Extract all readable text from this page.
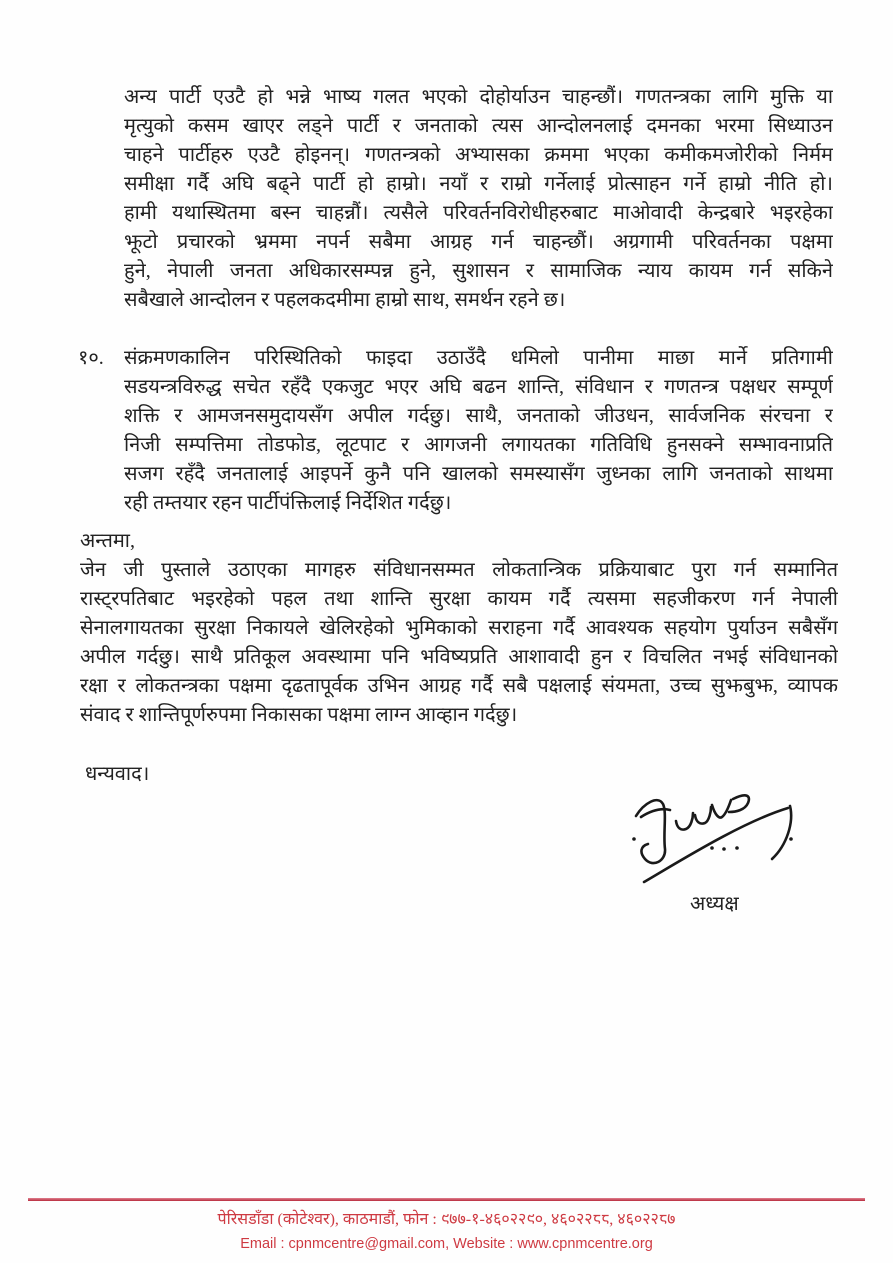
अन्य पार्टी एउटै हो भन्ने भाष्य गलत भएको दोहोर्याउन चाहन्छौं। गणतन्त्रका लागि मुक्ति या
मृत्युको कसम खाएर लड्ने पार्टी र जनताको त्यस आन्दोलनलाई दमनका भरमा सिध्याउन
चाहने पार्टीहरु एउटै होइनन्। गणतन्त्रको अभ्यासका क्रममा भएका कमीकमजोरीको निर्मम
समीक्षा गर्दै अघि बढ्ने पार्टी हो हाम्रो। नयाँ र राम्रो गर्नेलाई प्रोत्साहन गर्ने हाम्रो नीति हो।
हामी यथास्थितमा बस्न चाहन्नौं। त्यसैले परिवर्तनविरोधीहरुबाट माओवादी केन्द्रबारे भइरहेका
झूटो प्रचारको भ्रममा नपर्न सबैमा आग्रह गर्न चाहन्छौं। अग्रगामी परिवर्तनका पक्षमा
हुने, नेपाली जनता अधिकारसम्पन्न हुने, सुशासन र सामाजिक न्याय कायम गर्न सकिने
सबैखाले आन्दोलन र पहलकदमीमा हाम्रो साथ, समर्थन रहने छ।
१०. संक्रमणकालिन परिस्थितिको फाइदा उठाउँदै धमिलो पानीमा माछा मार्ने प्रतिगामी
सडयन्त्रविरुद्ध सचेत रहँदै एकजुट भएर अघि बढन शान्ति, संविधान र गणतन्त्र पक्षधर सम्पूर्ण
शक्ति र आमजनसमुदायसँग अपील गर्दछु। साथै, जनताको जीउधन, सार्वजनिक संरचना र
निजी सम्पत्तिमा तोडफोड, लूटपाट र आगजनी लगायतका गतिविधि हुनसक्ने सम्भावनाप्रति
सजग रहँदै जनतालाई आइपर्ने कुनै पनि खालको समस्यासँग जुध्नका लागि जनताको साथमा
रही तम्तयार रहन पार्टीपंक्तिलाई निर्देशित गर्दछु।
अन्तमा,
जेन जी पुस्ताले उठाएका मागहरु संविधानसम्मत लोकतान्त्रिक प्रक्रियाबाट पुरा गर्न सम्मानित
रास्ट्रपतिबाट भइरहेको पहल तथा शान्ति सुरक्षा कायम गर्दै त्यसमा सहजीकरण गर्न नेपाली
सेनालगायतका सुरक्षा निकायले खेलिरहेको भुमिकाको सराहना गर्दै आवश्यक सहयोग पुर्याउन सबैसँग
अपील गर्दछु। साथै प्रतिकूल अवस्थामा पनि भविष्यप्रति आशावादी हुन र विचलित नभई संविधानको
रक्षा र लोकतन्त्रका पक्षमा दृढतापूर्वक उभिन आग्रह गर्दै सबै पक्षलाई संयमता, उच्च सुझबुझ, व्यापक
संवाद र शान्तिपूर्णरुपमा निकासका पक्षमा लाग्न आव्हान गर्दछु।
धन्यवाद।
अध्यक्ष
पेरिसडाँडा (कोटेश्वर), काठमाडौं, फोन : ९७७-१-४६०२२९०, ४६०२२८८, ४६०२२८७
Email : cpnmcentre@gmail.com, Website : www.cpnmcentre.org
